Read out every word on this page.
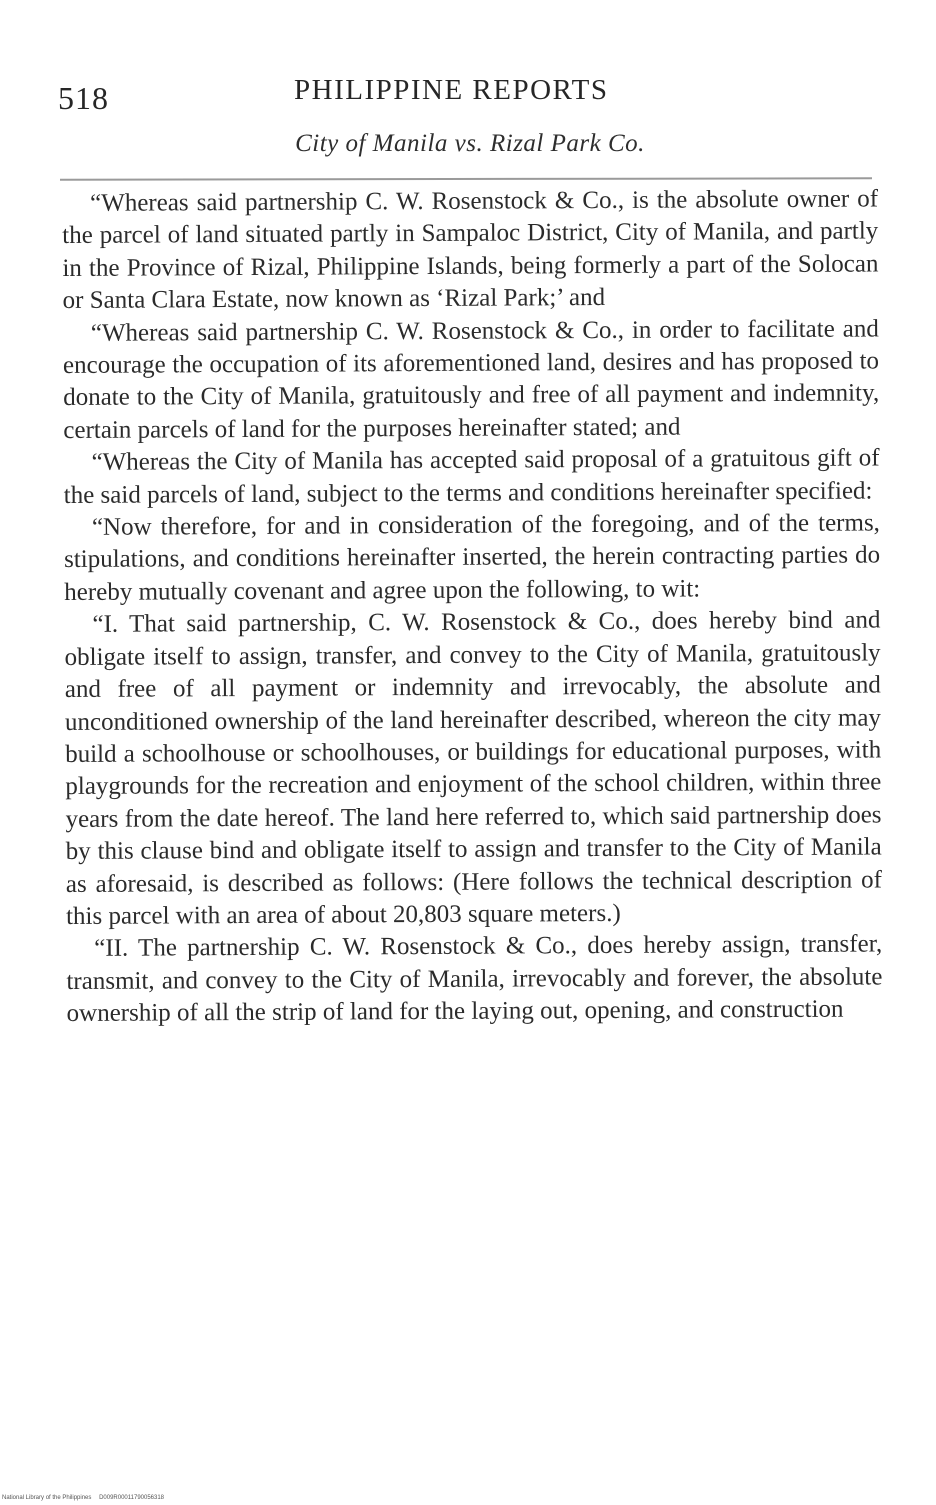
518	PHILIPPINE REPORTS
City of Manila vs. Rizal Park Co.

“Whereas said partnership C. W. Rosenstock & Co., is the absolute owner of the parcel of land situated partly in Sampaloc District, City of Manila, and partly in the Province of Rizal, Philippine Islands, being formerly a part of the Solocan or Santa Clara Estate, now known as ‘Rizal Park;’ and

“Whereas said partnership C. W. Rosenstock & Co., in order to facilitate and encourage the occupation of its aforementioned land, desires and has proposed to donate to the City of Manila, gratuitously and free of all payment and indemnity, certain parcels of land for the purposes hereinafter stated; and

“Whereas the City of Manila has accepted said proposal of a gratuitous gift of the said parcels of land, subject to the terms and conditions hereinafter specified:

“Now therefore, for and in consideration of the foregoing, and of the terms, stipulations, and conditions hereinafter inserted, the herein contracting parties do hereby mutually covenant and agree upon the following, to wit:

“I. That said partnership, C. W. Rosenstock & Co., does hereby bind and obligate itself to assign, transfer, and convey to the City of Manila, gratuitously and free of all payment or indemnity and irrevocably, the absolute and unconditioned ownership of the land hereinafter described, whereon the city may build a schoolhouse or schoolhouses, or buildings for educational purposes, with playgrounds for the recreation and enjoyment of the school children, within three years from the date hereof. The land here referred to, which said partnership does by this clause bind and obligate itself to assign and transfer to the City of Manila as aforesaid, is described as follows: (Here follows the technical description of this parcel with an area of about 20,803 square meters.)

“II. The partnership C. W. Rosenstock & Co., does hereby assign, transfer, transmit, and convey to the City of Manila, irrevocably and forever, the absolute ownership of all the strip of land for the laying out, opening, and construction

National Library of the Philippines D009R00011790056318
